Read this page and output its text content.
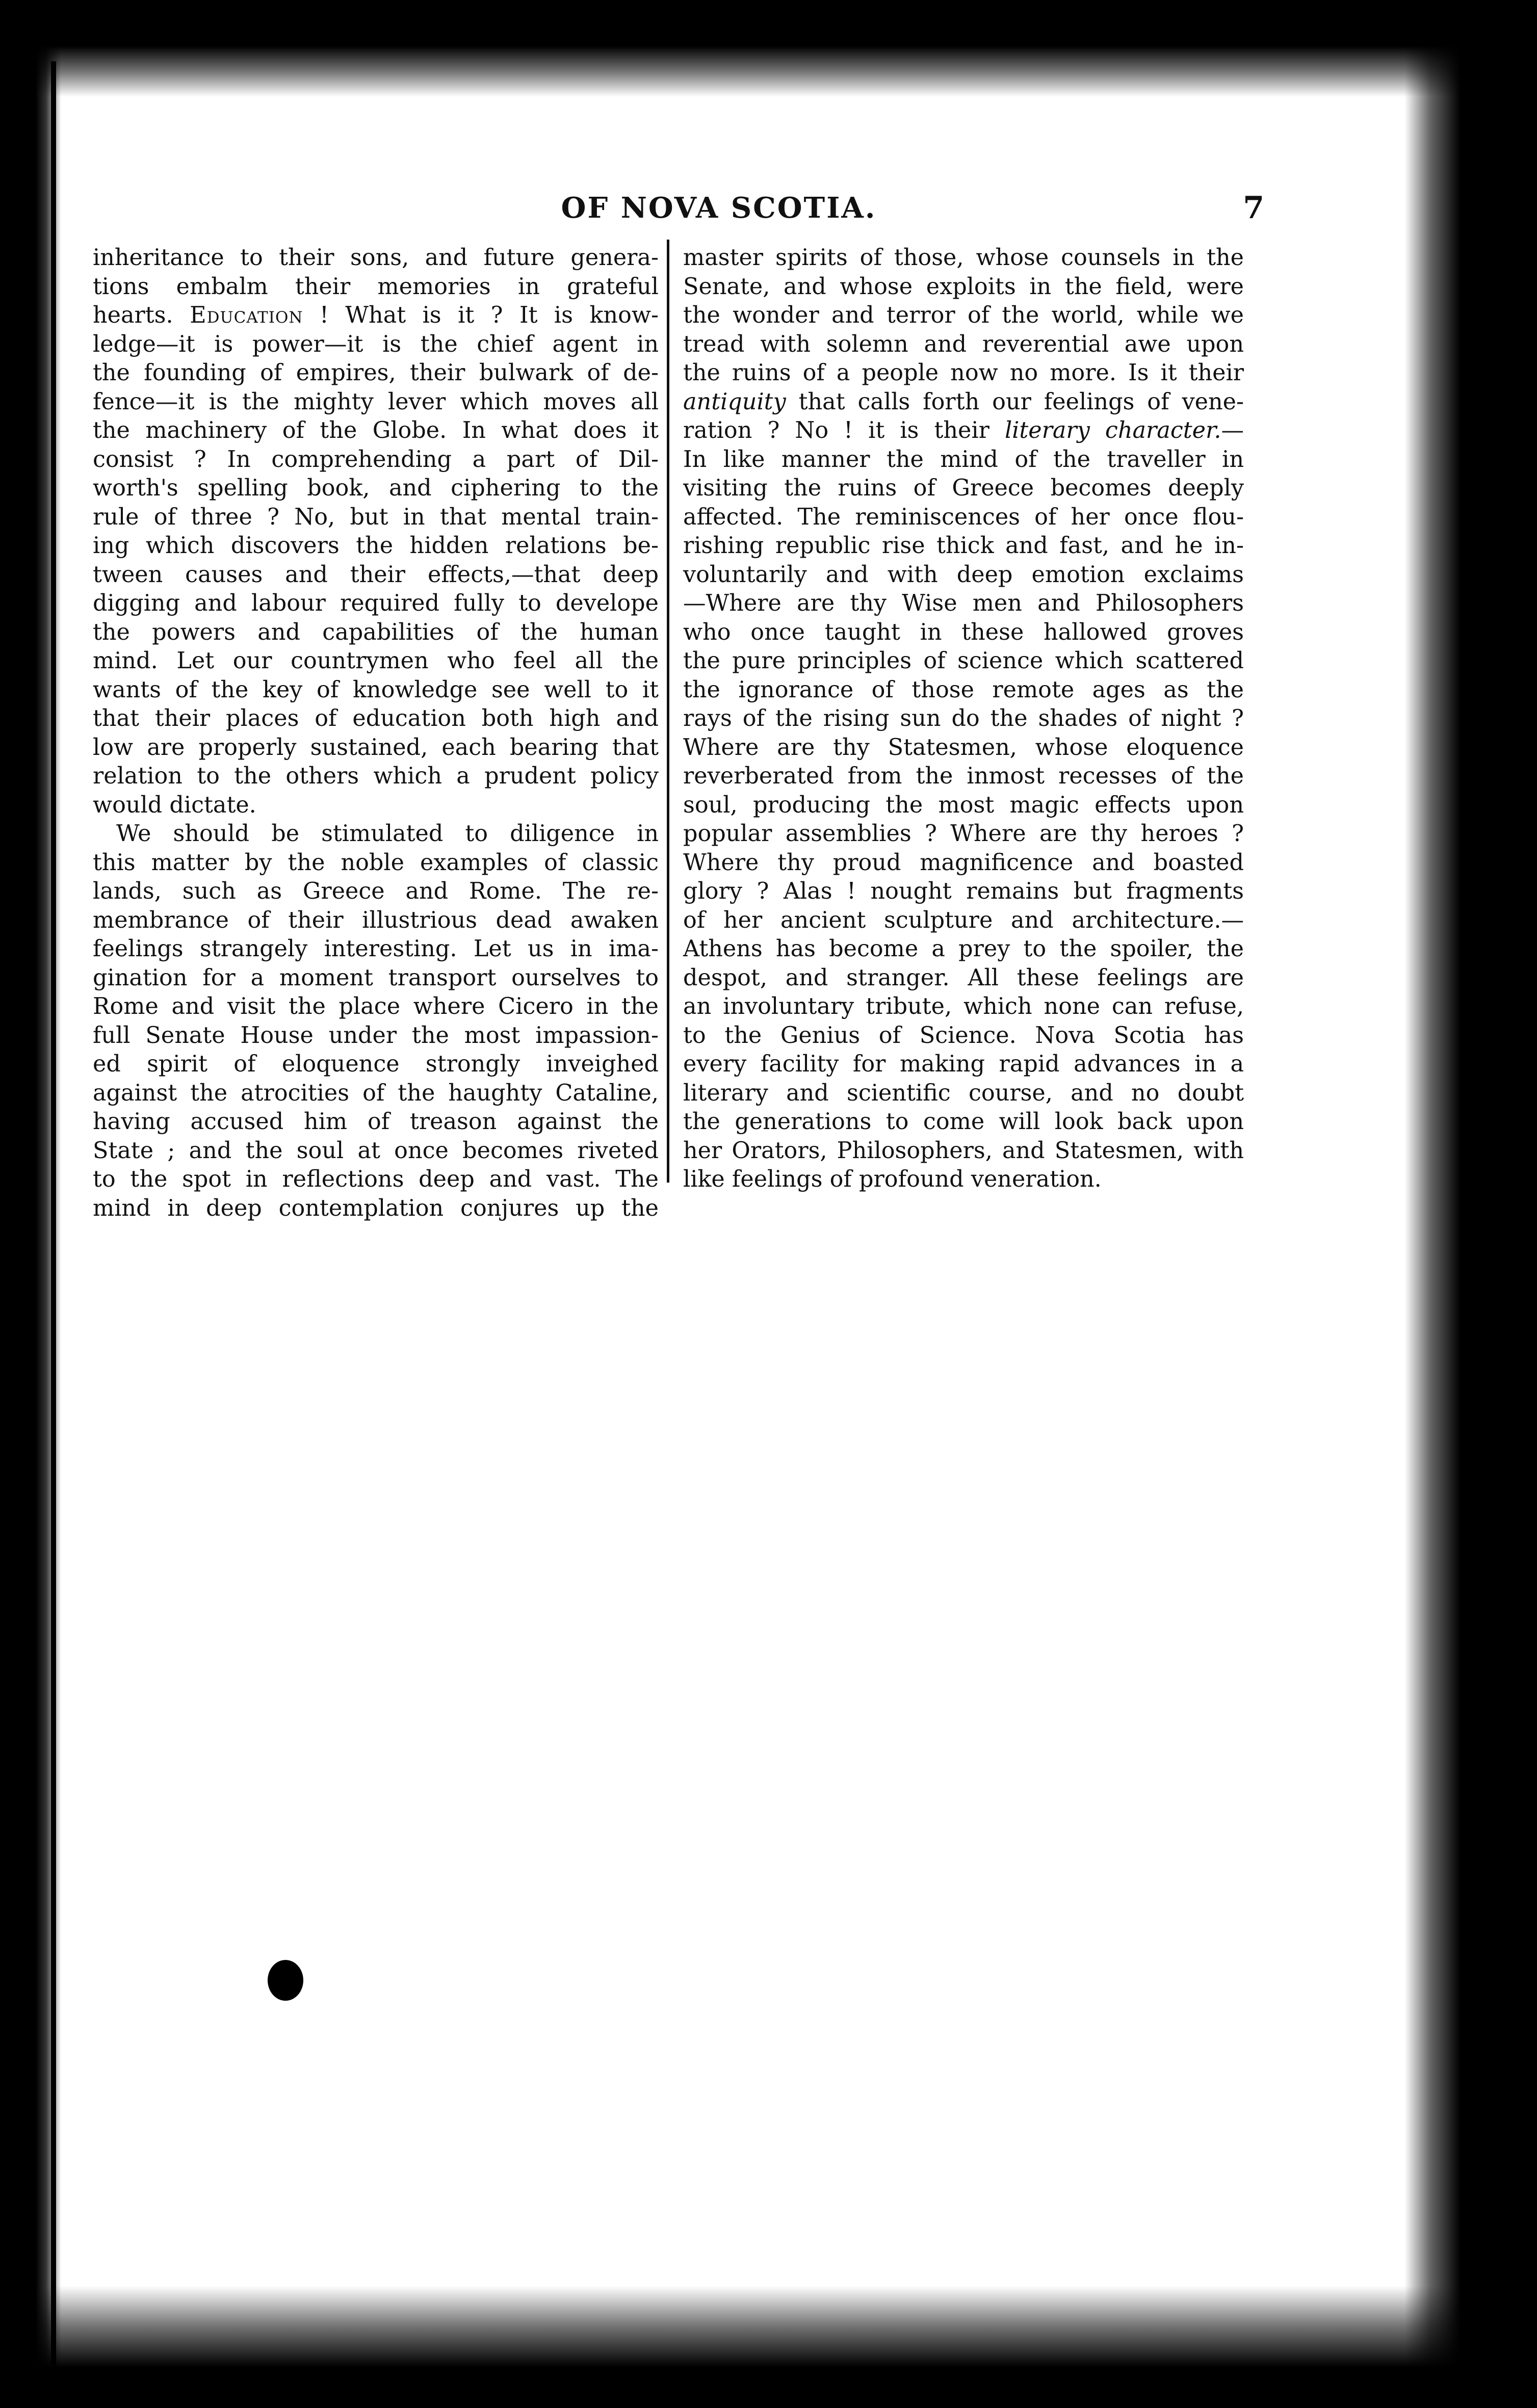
OF NOVA SCOTIA.	7
inheritance to their sons, and future genera-
tions embalm their memories in grateful
hearts. Education ! What is it ? It is know-
ledge—it is power—it is the chief agent in
the founding of empires, their bulwark of de-
fence—it is the mighty lever which moves all
the machinery of the Globe. In what does it
consist ? In comprehending a part of Dil-
worth's spelling book, and ciphering to the
rule of three ? No, but in that mental train-
ing which discovers the hidden relations be-
tween causes and their effects,—that deep
digging and labour required fully to develope
the powers and capabilities of the human
mind. Let our countrymen who feel all the
wants of the key of knowledge see well to it
that their places of education both high and
low are properly sustained, each bearing that
relation to the others which a prudent policy
would dictate.
We should be stimulated to diligence in
this matter by the noble examples of classic
lands, such as Greece and Rome. The re-
membrance of their illustrious dead awaken
feelings strangely interesting. Let us in ima-
gination for a moment transport ourselves to
Rome and visit the place where Cicero in the
full Senate House under the most impassion-
ed spirit of eloquence strongly inveighed
against the atrocities of the haughty Cataline,
having accused him of treason against the
State ; and the soul at once becomes riveted
to the spot in reflections deep and vast. The
mind in deep contemplation conjures up the
master spirits of those, whose counsels in the
Senate, and whose exploits in the field, were
the wonder and terror of the world, while we
tread with solemn and reverential awe upon
the ruins of a people now no more. Is it their
antiquity that calls forth our feelings of vene-
ration ? No ! it is their literary character.—
In like manner the mind of the traveller in
visiting the ruins of Greece becomes deeply
affected. The reminiscences of her once flou-
rishing republic rise thick and fast, and he in-
voluntarily and with deep emotion exclaims
—Where are thy Wise men and Philosophers
who once taught in these hallowed groves
the pure principles of science which scattered
the ignorance of those remote ages as the
rays of the rising sun do the shades of night ?
Where are thy Statesmen, whose eloquence
reverberated from the inmost recesses of the
soul, producing the most magic effects upon
popular assemblies ? Where are thy heroes ?
Where thy proud magnificence and boasted
glory ? Alas ! nought remains but fragments
of her ancient sculpture and architecture.—
Athens has become a prey to the spoiler, the
despot, and stranger. All these feelings are
an involuntary tribute, which none can refuse,
to the Genius of Science. Nova Scotia has
every facility for making rapid advances in a
literary and scientific course, and no doubt
the generations to come will look back upon
her Orators, Philosophers, and Statesmen, with
like feelings of profound veneration.
